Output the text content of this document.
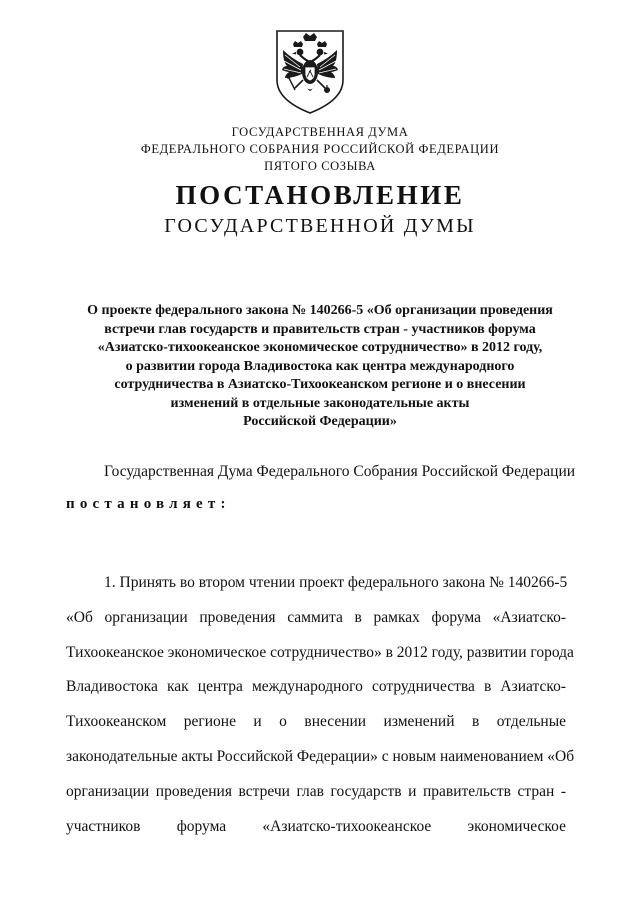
ГОСУДАРСТВЕННАЯ ДУМА
ФЕДЕРАЛЬНОГО СОБРАНИЯ РОССИЙСКОЙ ФЕДЕРАЦИИ
ПЯТОГО СОЗЫВА
ПОСТАНОВЛЕНИЕ
ГОСУДАРСТВЕННОЙ ДУМЫ
О проекте федерального закона № 140266-5 «Об организации проведения
встречи глав государств и правительств стран - участников форума
«Азиатско-тихоокеанское экономическое сотрудничество» в 2012 году,
о развитии города Владивостока как центра международного
сотрудничества в Азиатско-Тихоокеанском регионе и о внесении
изменений в отдельные законодательные акты
Российской Федерации»
Государственная Дума Федерального Собрания Российской Федерации
постановляет:
1. Принять во втором чтении проект федерального закона № 140266-5
«Об организации проведения саммита в рамках форума «Азиатско-
Тихоокеанское экономическое сотрудничество» в 2012 году, развитии города
Владивостока как центра международного сотрудничества в Азиатско-
Тихоокеанском регионе и о внесении изменений в отдельные
законодательные акты Российской Федерации» с новым наименованием «Об
организации проведения встречи глав государств и правительств стран -
участников форума «Азиатско-тихоокеанское экономическое
